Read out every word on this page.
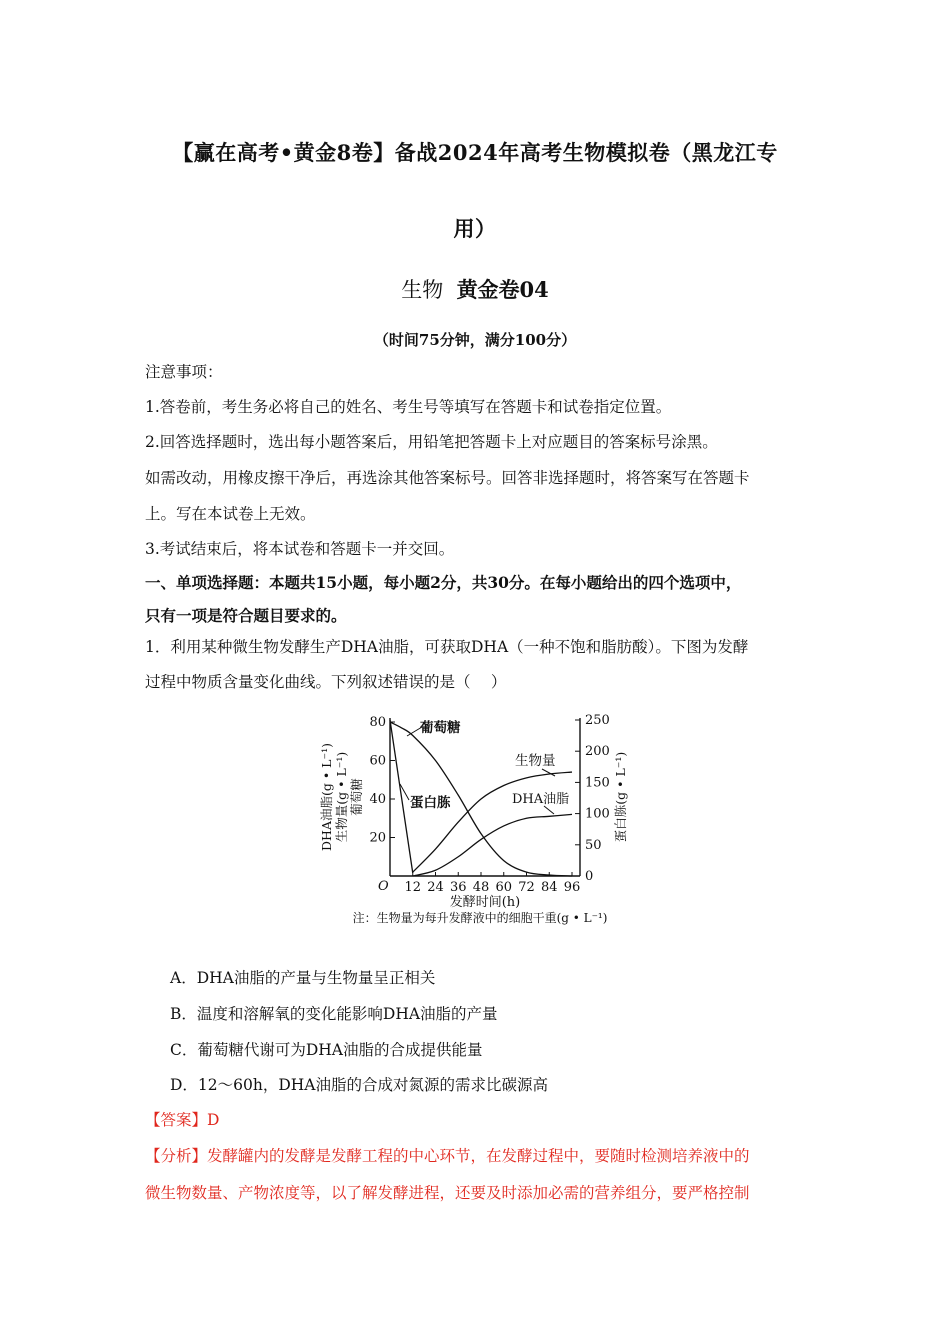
【赢在高考•黄金8卷】备战2024年高考生物模拟卷（黑龙江专
用）
生物 黄金卷04
（时间75分钟，满分100分）
注意事项：
1.答卷前，考生务必将自己的姓名、考生号等填写在答题卡和试卷指定位置。
2.回答选择题时，选出每小题答案后，用铅笔把答题卡上对应题目的答案标号涂黑。
如需改动，用橡皮擦干净后，再选涂其他答案标号。回答非选择题时，将答案写在答题卡
上。写在本试卷上无效。
3.考试结束后，将本试卷和答题卡一并交回。
一、单项选择题：本题共15小题，每小题2分，共30分。在每小题给出的四个选项中，
只有一项是符合题目要求的。
1．利用某种微生物发酵生产DHA油脂，可获取DHA（一种不饱和脂肪酸）。下图为发酵
过程中物质含量变化曲线。下列叙述错误的是（　 ）
20
40
60
80
0
50
100
150
200
250
12 24 36 48 60 72 84 96
O
发酵时间(h)
DHA油脂(g • L⁻¹) 生物量(g • L⁻¹) 葡萄糖	蛋白胨(g • L⁻¹)
葡萄糖
生物量
DHA油脂
蛋白胨
注：生物量为每升发酵液中的细胞干重(g • L⁻¹)
A．DHA油脂的产量与生物量呈正相关
B．温度和溶解氧的变化能影响DHA油脂的产量
C．葡萄糖代谢可为DHA油脂的合成提供能量
D．12～60h，DHA油脂的合成对氮源的需求比碳源高
【答案】D
【分析】发酵罐内的发酵是发酵工程的中心环节，在发酵过程中，要随时检测培养液中的
微生物数量、产物浓度等，以了解发酵进程，还要及时添加必需的营养组分，要严格控制
